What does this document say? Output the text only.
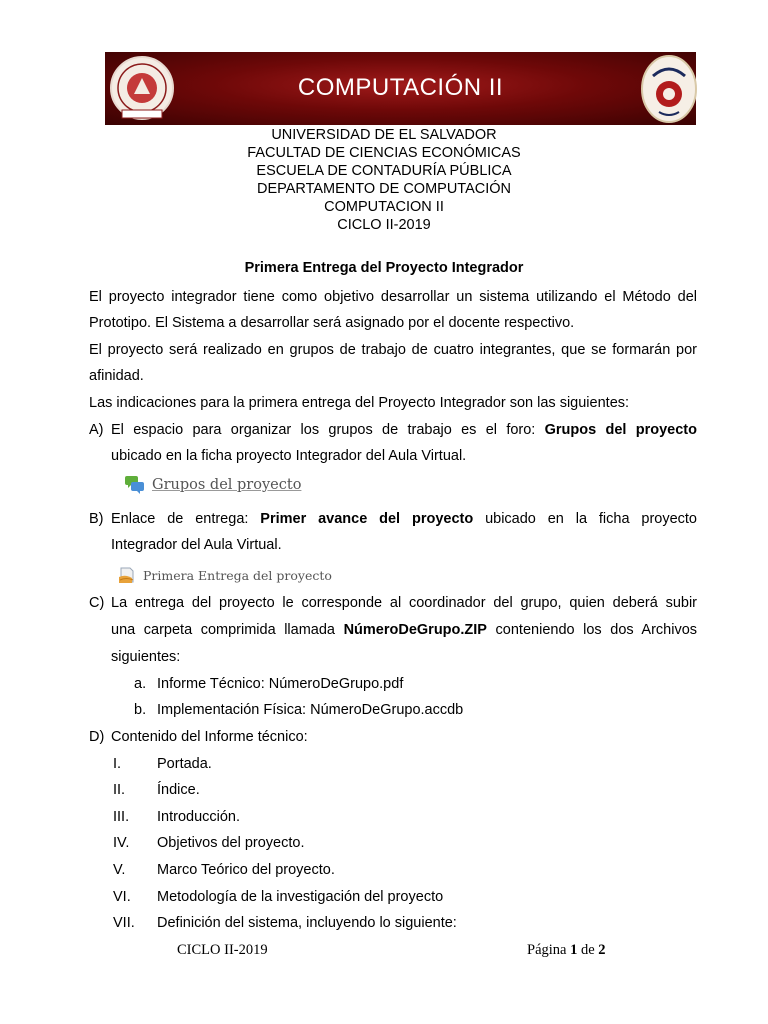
COMPUTACIÓN II
UNIVERSIDAD DE EL SALVADOR
FACULTAD DE CIENCIAS ECONÓMICAS
ESCUELA DE CONTADURÍA PÚBLICA
DEPARTAMENTO DE COMPUTACIÓN
COMPUTACION II
CICLO II-2019
Primera Entrega del Proyecto Integrador
El proyecto integrador tiene como objetivo desarrollar un sistema utilizando el Método del
Prototipo. El Sistema a desarrollar será asignado por el docente respectivo.
El proyecto será realizado en grupos de trabajo de cuatro integrantes, que se formarán por
afinidad.
Las indicaciones para la primera entrega del Proyecto Integrador son las siguientes:
A) El espacio para organizar los grupos de trabajo es el foro: Grupos del proyecto
ubicado en la ficha proyecto Integrador del Aula Virtual.
Grupos del proyecto
B) Enlace de entrega: Primer avance del proyecto ubicado en la ficha proyecto
Integrador del Aula Virtual.
Primera Entrega del proyecto
C) La entrega del proyecto le corresponde al coordinador del grupo, quien deberá subir
una carpeta comprimida llamada NúmeroDeGrupo.ZIP conteniendo los dos Archivos
siguientes:
a. Informe Técnico: NúmeroDeGrupo.pdf
b. Implementación Física: NúmeroDeGrupo.accdb
D) Contenido del Informe técnico:
I. Portada.
II. Índice.
III. Introducción.
IV. Objetivos del proyecto.
V. Marco Teórico del proyecto.
VI. Metodología de la investigación del proyecto
VII. Definición del sistema, incluyendo lo siguiente:
CICLO II-2019	Página 1 de 2
